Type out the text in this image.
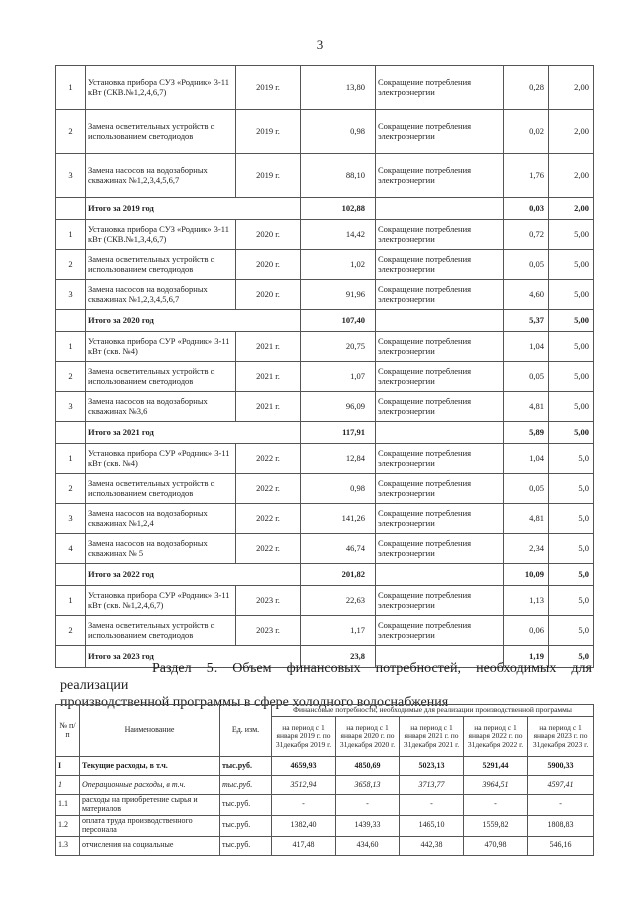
3
1	Установка прибора СУЗ «Родник» 3-11 кВт (СКВ.№1,2,4,6,7)	2019 г.	13,80	Сокращение потребления электроэнергии	0,28	2,00
2	Замена осветительных устройств с использованием светодиодов	2019 г.	0,98	Сокращение потребления электроэнергии	0,02	2,00
3	Замена насосов на водозаборных скважинах №1,2,3,4,5,6,7	2019 г.	88,10	Сокращение потребления электроэнергии	1,76	2,00
	Итого за 2019 год		102,88		0,03	2,00
1	Установка прибора СУЗ «Родник» 3-11 кВт (СКВ.№1,3,4,6,7)	2020 г.	14,42	Сокращение потребления электроэнергии	0,72	5,00
2	Замена осветительных устройств с использованием светодиодов	2020 г.	1,02	Сокращение потребления электроэнергии	0,05	5,00
3	Замена насосов на водозаборных скважинах №1,2,3,4,5,6,7	2020 г.	91,96	Сокращение потребления электроэнергии	4,60	5,00
	Итого за 2020 год		107,40		5,37	5,00
1	Установка прибора СУР «Родник» 3-11 кВт (скв. №4)	2021 г.	20,75	Сокращение потребления электроэнергии	1,04	5,00
2	Замена осветительных устройств с использованием светодиодов	2021 г.	1,07	Сокращение потребления электроэнергии	0,05	5,00
3	Замена насосов на водозаборных скважинах №3,6	2021 г.	96,09	Сокращение потребления электроэнергии	4,81	5,00
	Итого за 2021 год		117,91		5,89	5,00
1	Установка прибора СУР «Родник» 3-11 кВт (скв. №4)	2022 г.	12,84	Сокращение потребления электроэнергии	1,04	5,0
2	Замена осветительных устройств с использованием светодиодов	2022 г.	0,98	Сокращение потребления электроэнергии	0,05	5,0
3	Замена насосов на водозаборных скважинах №1,2,4	2022 г.	141,26	Сокращение потребления электроэнергии	4,81	5,0
4	Замена насосов на водозаборных скважинах № 5	2022 г.	46,74	Сокращение потребления электроэнергии	2,34	5,0
	Итого за 2022 год		201,82		10,09	5,0
1	Установка прибора СУР «Родник» 3-11 кВт (скв. №1,2,4,6,7)	2023 г.	22,63	Сокращение потребления электроэнергии	1,13	5,0
2	Замена осветительных устройств с использованием светодиодов	2023 г.	1,17	Сокращение потребления электроэнергии	0,06	5,0
	Итого за 2023 год		23,8		1,19	5,0
Раздел 5. Объем финансовых потребностей, необходимых для реализации
производственной программы в сфере холодного водоснабжения
№ п/п	Наименование	Ед. изм.	Финансовые потребности, необходимые для реализации производственной программы				
			на период с 1 января 2019 г. по 31декабря 2019 г.	на период с 1 января 2020 г. по 31декабря 2020 г.	на период с 1 января 2021 г. по 31декабря 2021 г.	на период с 1 января 2022 г. по 31декабря 2022 г.	на период с 1 января 2023 г. по 31декабря 2023 г.
I	Текущие расходы, в т.ч.	тыс.руб.	4659,93	4850,69	5023,13	5291,44	5900,33
1	Операционные расходы, в т.ч.	тыс.руб.	3512,94	3658,13	3713,77	3964,51	4597,41
1.1	расходы на приобретение сырья и материалов	тыс.руб.	-	-	-	-	-
1.2	оплата труда производственного персонала	тыс.руб.	1382,40	1439,33	1465,10	1559,82	1808,83
1.3	отчисления на социальные	тыс.руб.	417,48	434,60	442,38	470,98	546,16
